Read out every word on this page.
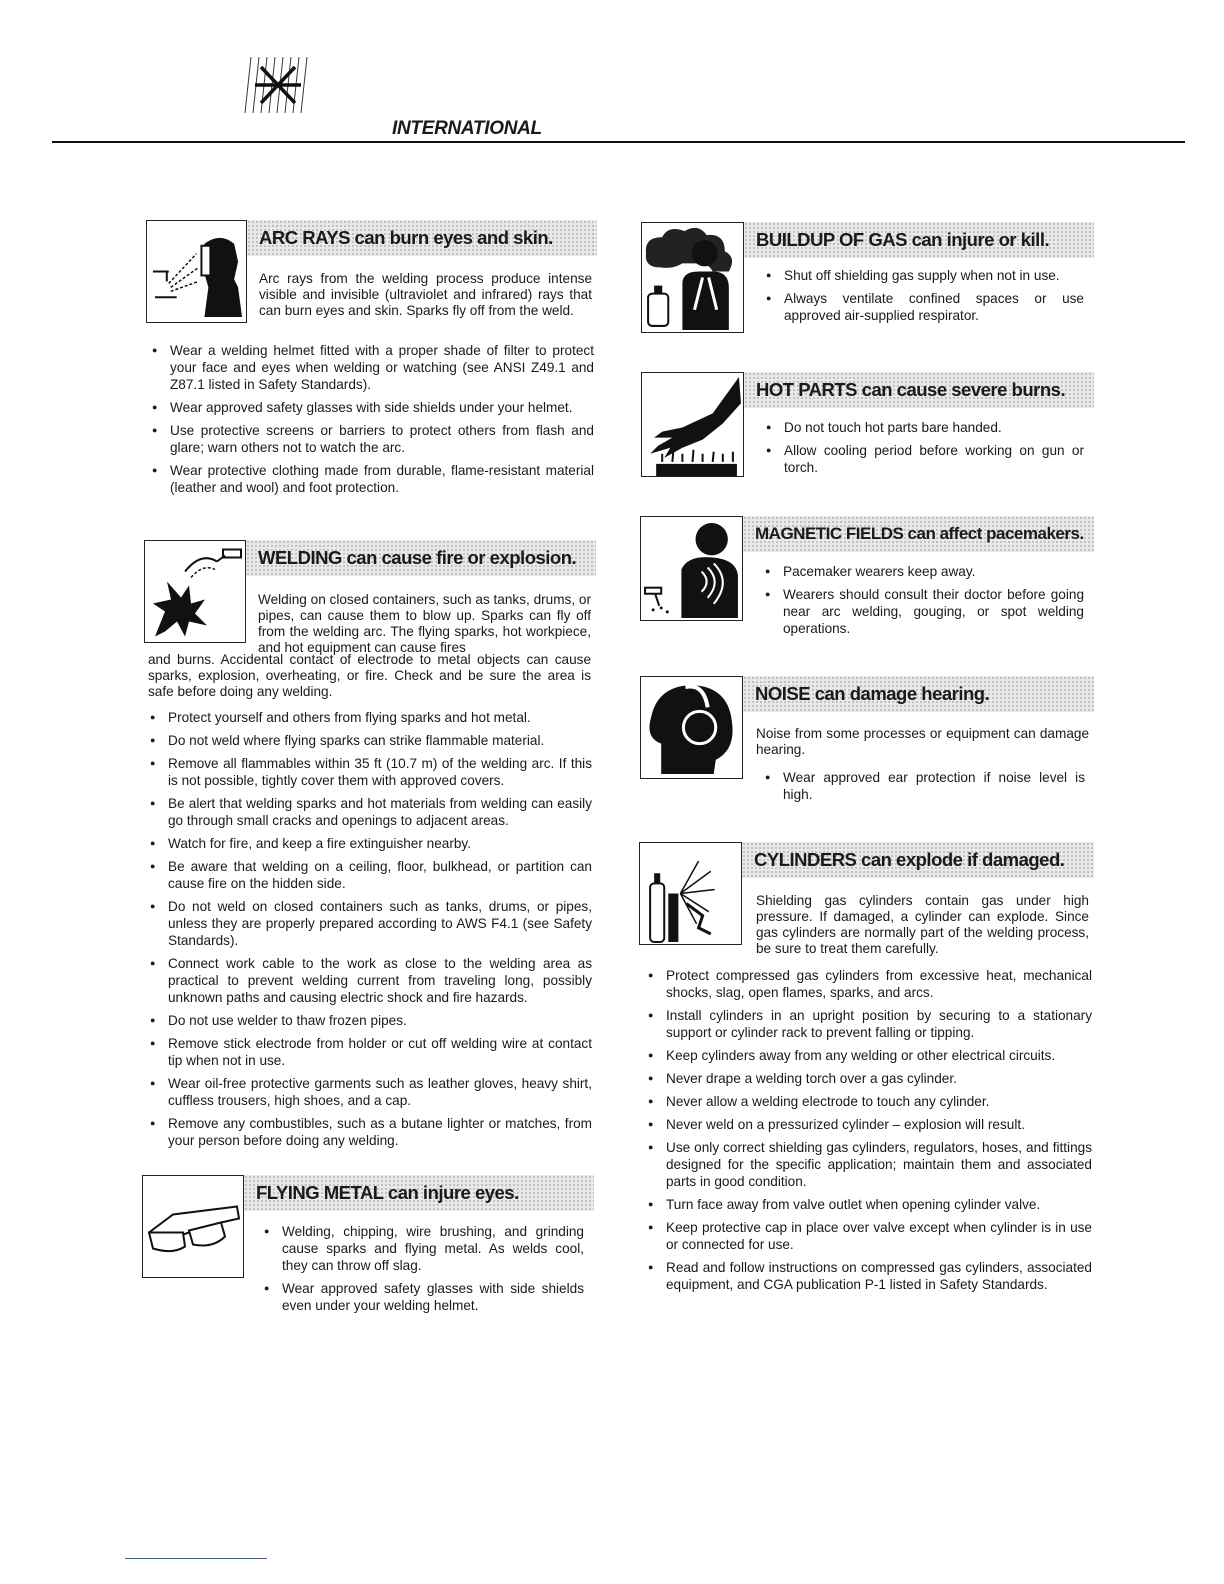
INTERNATIONAL
ARC RAYS can burn eyes and skin.

Arc rays from the welding process produce intense visible and invisible (ultraviolet and infrared) rays that can burn eyes and skin. Sparks fly off from the weld.

● Wear a welding helmet fitted with a proper shade of filter to protect your face and eyes when welding or watching (see ANSI Z49.1 and Z87.1 listed in Safety Standards).
● Wear approved safety glasses with side shields under your helmet.
● Use protective screens or barriers to protect others from flash and glare; warn others not to watch the arc.
● Wear protective clothing made from durable, flame-resistant material (leather and wool) and foot protection.
WELDING can cause fire or explosion.

Welding on closed containers, such as tanks, drums, or pipes, can cause them to blow up. Sparks can fly off from the welding arc. The flying sparks, hot workpiece, and hot equipment can cause fires

and burns. Accidental contact of electrode to metal objects can cause sparks, explosion, overheating, or fire. Check and be sure the area is safe before doing any welding.

● Protect yourself and others from flying sparks and hot metal.
● Do not weld where flying sparks can strike flammable material.
● Remove all flammables within 35 ft (10.7 m) of the welding arc. If this is not possible, tightly cover them with approved covers.
● Be alert that welding sparks and hot materials from welding can easily go through small cracks and openings to adjacent areas.
● Watch for fire, and keep a fire extinguisher nearby.
● Be aware that welding on a ceiling, floor, bulkhead, or partition can cause fire on the hidden side.
● Do not weld on closed containers such as tanks, drums, or pipes, unless they are properly prepared according to AWS F4.1 (see Safety Standards).
● Connect work cable to the work as close to the welding area as practical to prevent welding current from traveling long, possibly unknown paths and causing electric shock and fire hazards.
● Do not use welder to thaw frozen pipes.
● Remove stick electrode from holder or cut off welding wire at contact tip when not in use.
● Wear oil-free protective garments such as leather gloves, heavy shirt, cuffless trousers, high shoes, and a cap.
● Remove any combustibles, such as a butane lighter or matches, from your person before doing any welding.
FLYING METAL can injure eyes.
● Welding, chipping, wire brushing, and grinding cause sparks and flying metal. As welds cool, they can throw off slag.
● Wear approved safety glasses with side shields even under your welding helmet.
BUILDUP OF GAS can injure or kill.
● Shut off shielding gas supply when not in use.
● Always ventilate confined spaces or use approved air-supplied respirator.
HOT PARTS can cause severe burns.
● Do not touch hot parts bare handed.
● Allow cooling period before working on gun or torch.
MAGNETIC FIELDS can affect pacemakers.
● Pacemaker wearers keep away.
● Wearers should consult their doctor before going near arc welding, gouging, or spot welding operations.
NOISE can damage hearing.

Noise from some processes or equipment can damage hearing.

● Wear approved ear protection if noise level is high.
CYLINDERS can explode if damaged.

Shielding gas cylinders contain gas under high pressure. If damaged, a cylinder can explode. Since gas cylinders are normally part of the welding process, be sure to treat them carefully.

● Protect compressed gas cylinders from excessive heat, mechanical shocks, slag, open flames, sparks, and arcs.
● Install cylinders in an upright position by securing to a stationary support or cylinder rack to prevent falling or tipping.
● Keep cylinders away from any welding or other electrical circuits.
● Never drape a welding torch over a gas cylinder.
● Never allow a welding electrode to touch any cylinder.
● Never weld on a pressurized cylinder – explosion will result.
● Use only correct shielding gas cylinders, regulators, hoses, and fittings designed for the specific application; maintain them and associated parts in good condition.
● Turn face away from valve outlet when opening cylinder valve.
● Keep protective cap in place over valve except when cylinder is in use or connected for use.
● Read and follow instructions on compressed gas cylinders, associated equipment, and CGA publication P-1 listed in Safety Standards.
